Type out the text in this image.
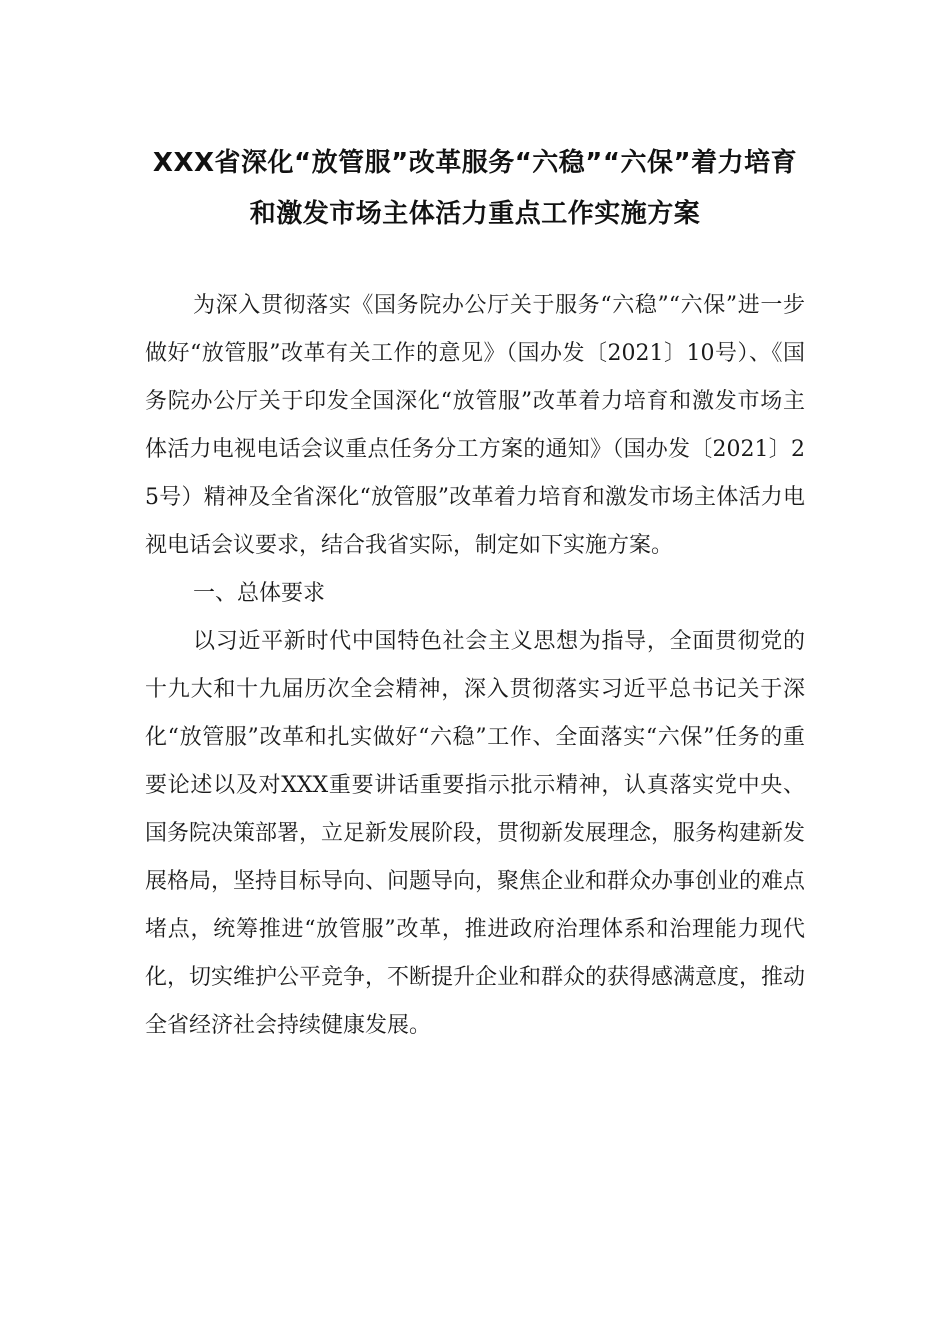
XXX省深化“放管服”改革服务“六稳”“六保”着力培育
和激发市场主体活力重点工作实施方案

为深入贯彻落实《国务院办公厅关于服务“六稳”“六保”进一步做好“放管服”改革有关工作的意见》（国办发〔2021〕10号）、《国务院办公厅关于印发全国深化“放管服”改革着力培育和激发市场主体活力电视电话会议重点任务分工方案的通知》（国办发〔2021〕25号）精神及全省深化“放管服”改革着力培育和激发市场主体活力电视电话会议要求，结合我省实际，制定如下实施方案。

一、总体要求

以习近平新时代中国特色社会主义思想为指导，全面贯彻党的十九大和十九届历次全会精神，深入贯彻落实习近平总书记关于深化“放管服”改革和扎实做好“六稳”工作、全面落实“六保”任务的重要论述以及对XXX重要讲话重要指示批示精神，认真落实党中央、国务院决策部署，立足新发展阶段，贯彻新发展理念，服务构建新发展格局，坚持目标导向、问题导向，聚焦企业和群众办事创业的难点堵点，统筹推进“放管服”改革，推进政府治理体系和治理能力现代化，切实维护公平竞争，不断提升企业和群众的获得感满意度，推动全省经济社会持续健康发展。
